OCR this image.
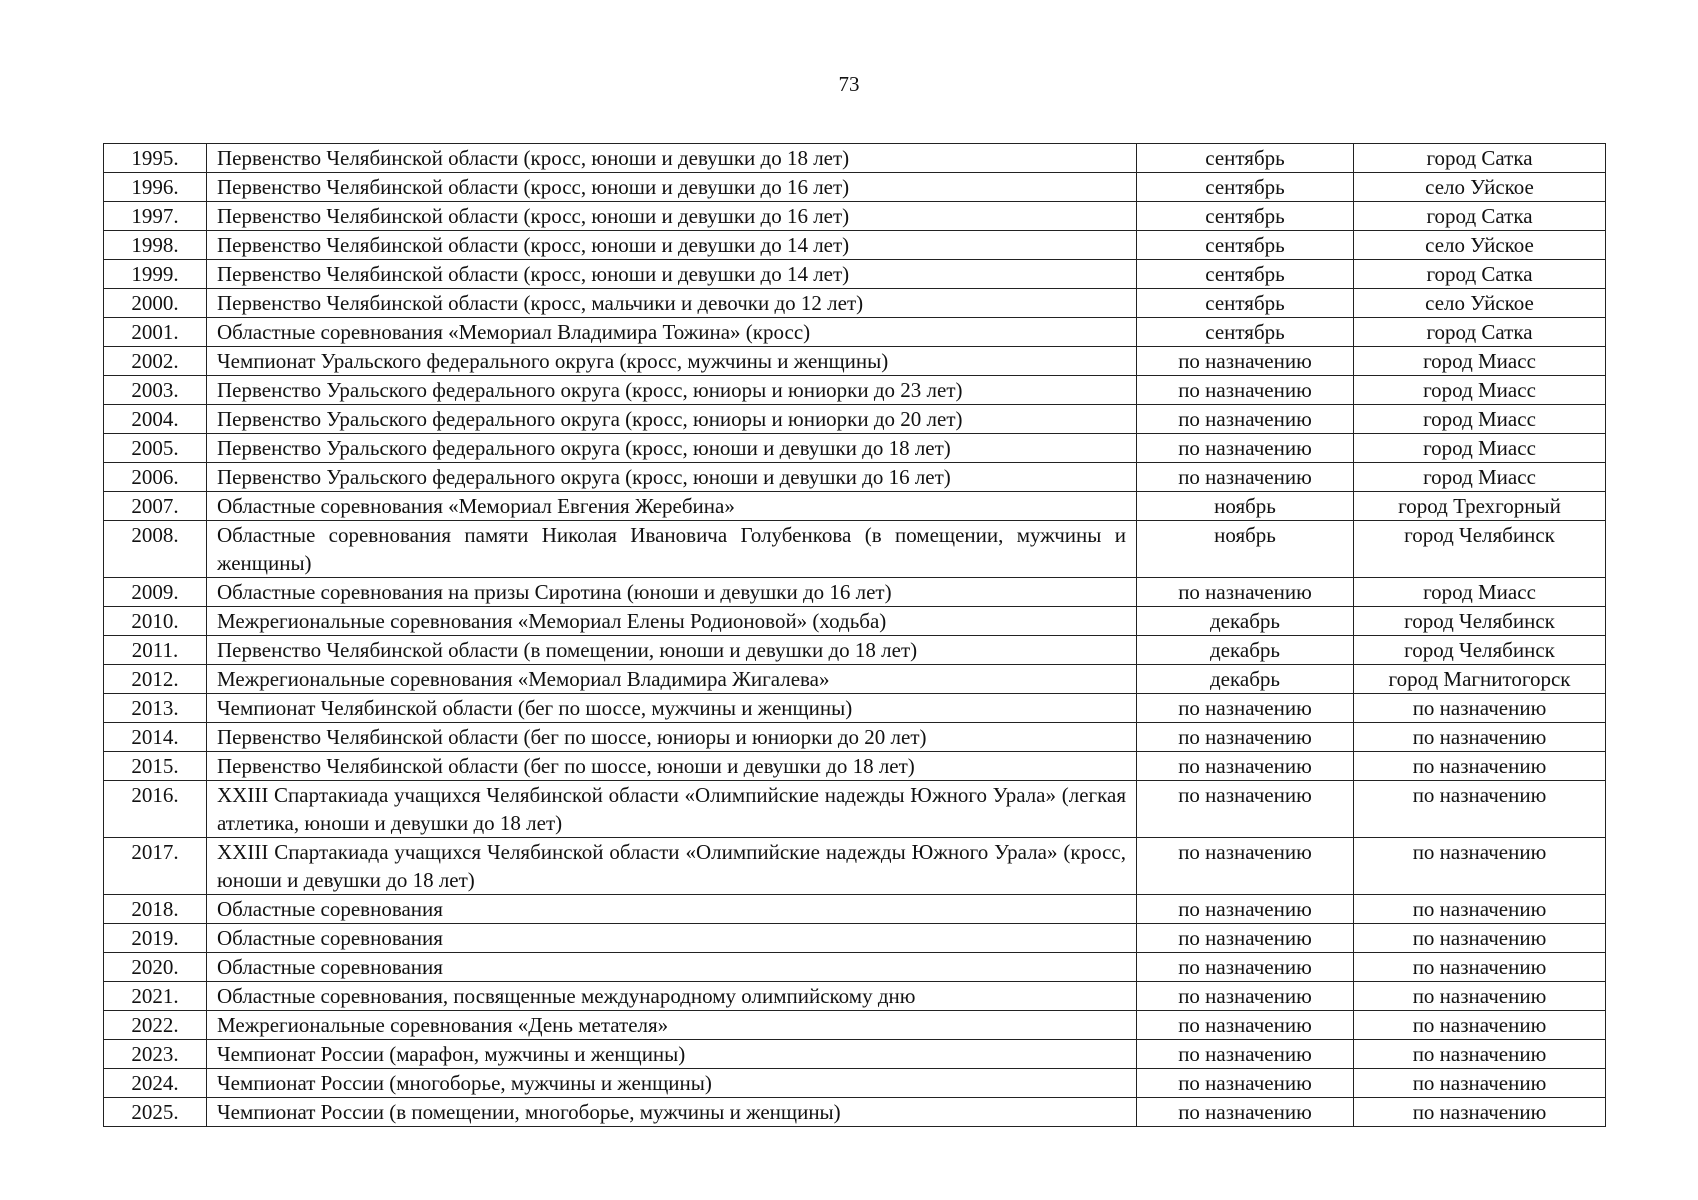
73
1995.	Первенство Челябинской области (кросс, юноши и девушки до 18 лет)	сентябрь	город Сатка
1996.	Первенство Челябинской области (кросс, юноши и девушки до 16 лет)	сентябрь	село Уйское
1997.	Первенство Челябинской области (кросс, юноши и девушки до 16 лет)	сентябрь	город Сатка
1998.	Первенство Челябинской области (кросс, юноши и девушки до 14 лет)	сентябрь	село Уйское
1999.	Первенство Челябинской области (кросс, юноши и девушки до 14 лет)	сентябрь	город Сатка
2000.	Первенство Челябинской области (кросс, мальчики и девочки до 12 лет)	сентябрь	село Уйское
2001.	Областные соревнования «Мемориал Владимира Тожина» (кросс)	сентябрь	город Сатка
2002.	Чемпионат Уральского федерального округа (кросс, мужчины и женщины)	по назначению	город Миасс
2003.	Первенство Уральского федерального округа (кросс, юниоры и юниорки до 23 лет)	по назначению	город Миасс
2004.	Первенство Уральского федерального округа (кросс, юниоры и юниорки до 20 лет)	по назначению	город Миасс
2005.	Первенство Уральского федерального округа (кросс, юноши и девушки до 18 лет)	по назначению	город Миасс
2006.	Первенство Уральского федерального округа (кросс, юноши и девушки до 16 лет)	по назначению	город Миасс
2007.	Областные соревнования «Мемориал Евгения Жеребина»	ноябрь	город Трехгорный
2008.	Областные соревнования памяти Николая Ивановича Голубенкова (в помещении, мужчины и женщины)	ноябрь	город Челябинск
2009.	Областные соревнования на призы Сиротина (юноши и девушки до 16 лет)	по назначению	город Миасс
2010.	Межрегиональные соревнования «Мемориал Елены Родионовой» (ходьба)	декабрь	город Челябинск
2011.	Первенство Челябинской области (в помещении, юноши и девушки до 18 лет)	декабрь	город Челябинск
2012.	Межрегиональные соревнования «Мемориал Владимира Жигалева»	декабрь	город Магнитогорск
2013.	Чемпионат Челябинской области (бег по шоссе, мужчины и женщины)	по назначению	по назначению
2014.	Первенство Челябинской области (бег по шоссе, юниоры и юниорки до 20 лет)	по назначению	по назначению
2015.	Первенство Челябинской области (бег по шоссе, юноши и девушки до 18 лет)	по назначению	по назначению
2016.	XXIII Спартакиада учащихся Челябинской области «Олимпийские надежды Южного Урала» (легкая атлетика, юноши и девушки до 18 лет)	по назначению	по назначению
2017.	XXIII Спартакиада учащихся Челябинской области «Олимпийские надежды Южного Урала» (кросс, юноши и девушки до 18 лет)	по назначению	по назначению
2018.	Областные соревнования	по назначению	по назначению
2019.	Областные соревнования	по назначению	по назначению
2020.	Областные соревнования	по назначению	по назначению
2021.	Областные соревнования, посвященные международному олимпийскому дню	по назначению	по назначению
2022.	Межрегиональные соревнования «День метателя»	по назначению	по назначению
2023.	Чемпионат России (марафон, мужчины и женщины)	по назначению	по назначению
2024.	Чемпионат России (многоборье, мужчины и женщины)	по назначению	по назначению
2025.	Чемпионат России (в помещении, многоборье, мужчины и женщины)	по назначению	по назначению
